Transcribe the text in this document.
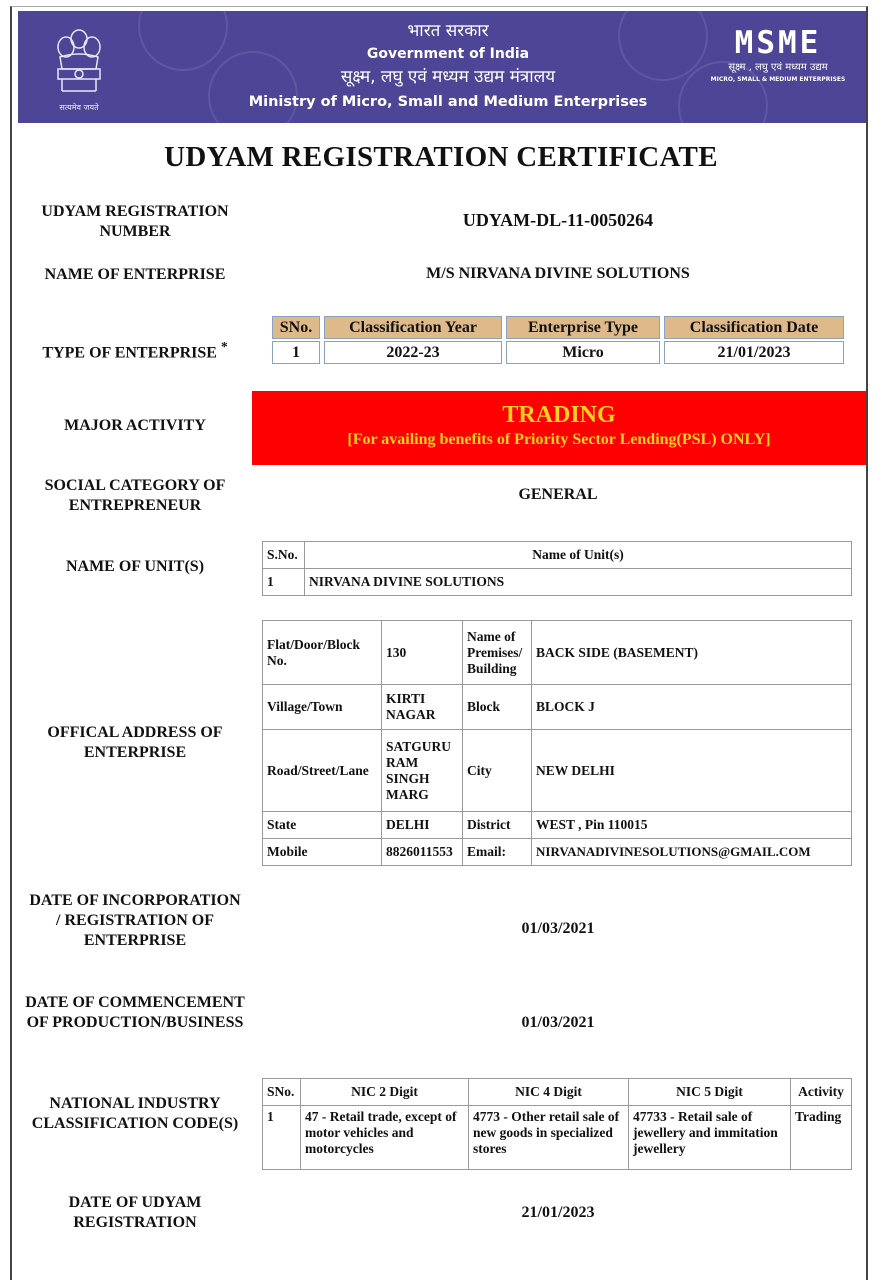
सत्यमेव जयते
भारत सरकार
Government of India
सूक्ष्म, लघु एवं मध्यम उद्यम मंत्रालय
Ministry of Micro, Small and Medium Enterprises
MSME
सूक्ष्म , लघु एवं मध्यम उद्यम
MICRO, SMALL & MEDIUM ENTERPRISES
UDYAM REGISTRATION CERTIFICATE
UDYAM REGISTRATION NUMBER
UDYAM-DL-11-0050264
NAME OF ENTERPRISE	M/S NIRVANA DIVINE SOLUTIONS
TYPE OF ENTERPRISE *
SNo.	Classification Year	Enterprise Type	Classification Date
1	2022-23	Micro	21/01/2023
MAJOR ACTIVITY	TRADING
[For availing benefits of Priority Sector Lending(PSL) ONLY]
SOCIAL CATEGORY OF ENTREPRENEUR
GENERAL
NAME OF UNIT(S)
S.No.	Name of Unit(s)
1	NIRVANA DIVINE SOLUTIONS
OFFICAL ADDRESS OF ENTERPRISE
Flat/Door/Block No.	130	Name of Premises/ Building	BACK SIDE (BASEMENT)
Village/Town	KIRTI NAGAR	Block	BLOCK J
Road/Street/Lane	SATGURU RAM SINGH MARG	City	NEW DELHI
State	DELHI	District	WEST , Pin 110015
Mobile	8826011553	Email:	NIRVANADIVINESOLUTIONS@GMAIL.COM
DATE OF INCORPORATION / REGISTRATION OF ENTERPRISE
01/03/2021
DATE OF COMMENCEMENT OF PRODUCTION/BUSINESS	01/03/2021
NATIONAL INDUSTRY CLASSIFICATION CODE(S)
SNo.	NIC 2 Digit	NIC 4 Digit	NIC 5 Digit	Activity
1	47 - Retail trade, except of motor vehicles and motorcycles	4773 - Other retail sale of new goods in specialized stores	47733 - Retail sale of jewellery and immitation jewellery	Trading
DATE OF UDYAM REGISTRATION
21/01/2023
